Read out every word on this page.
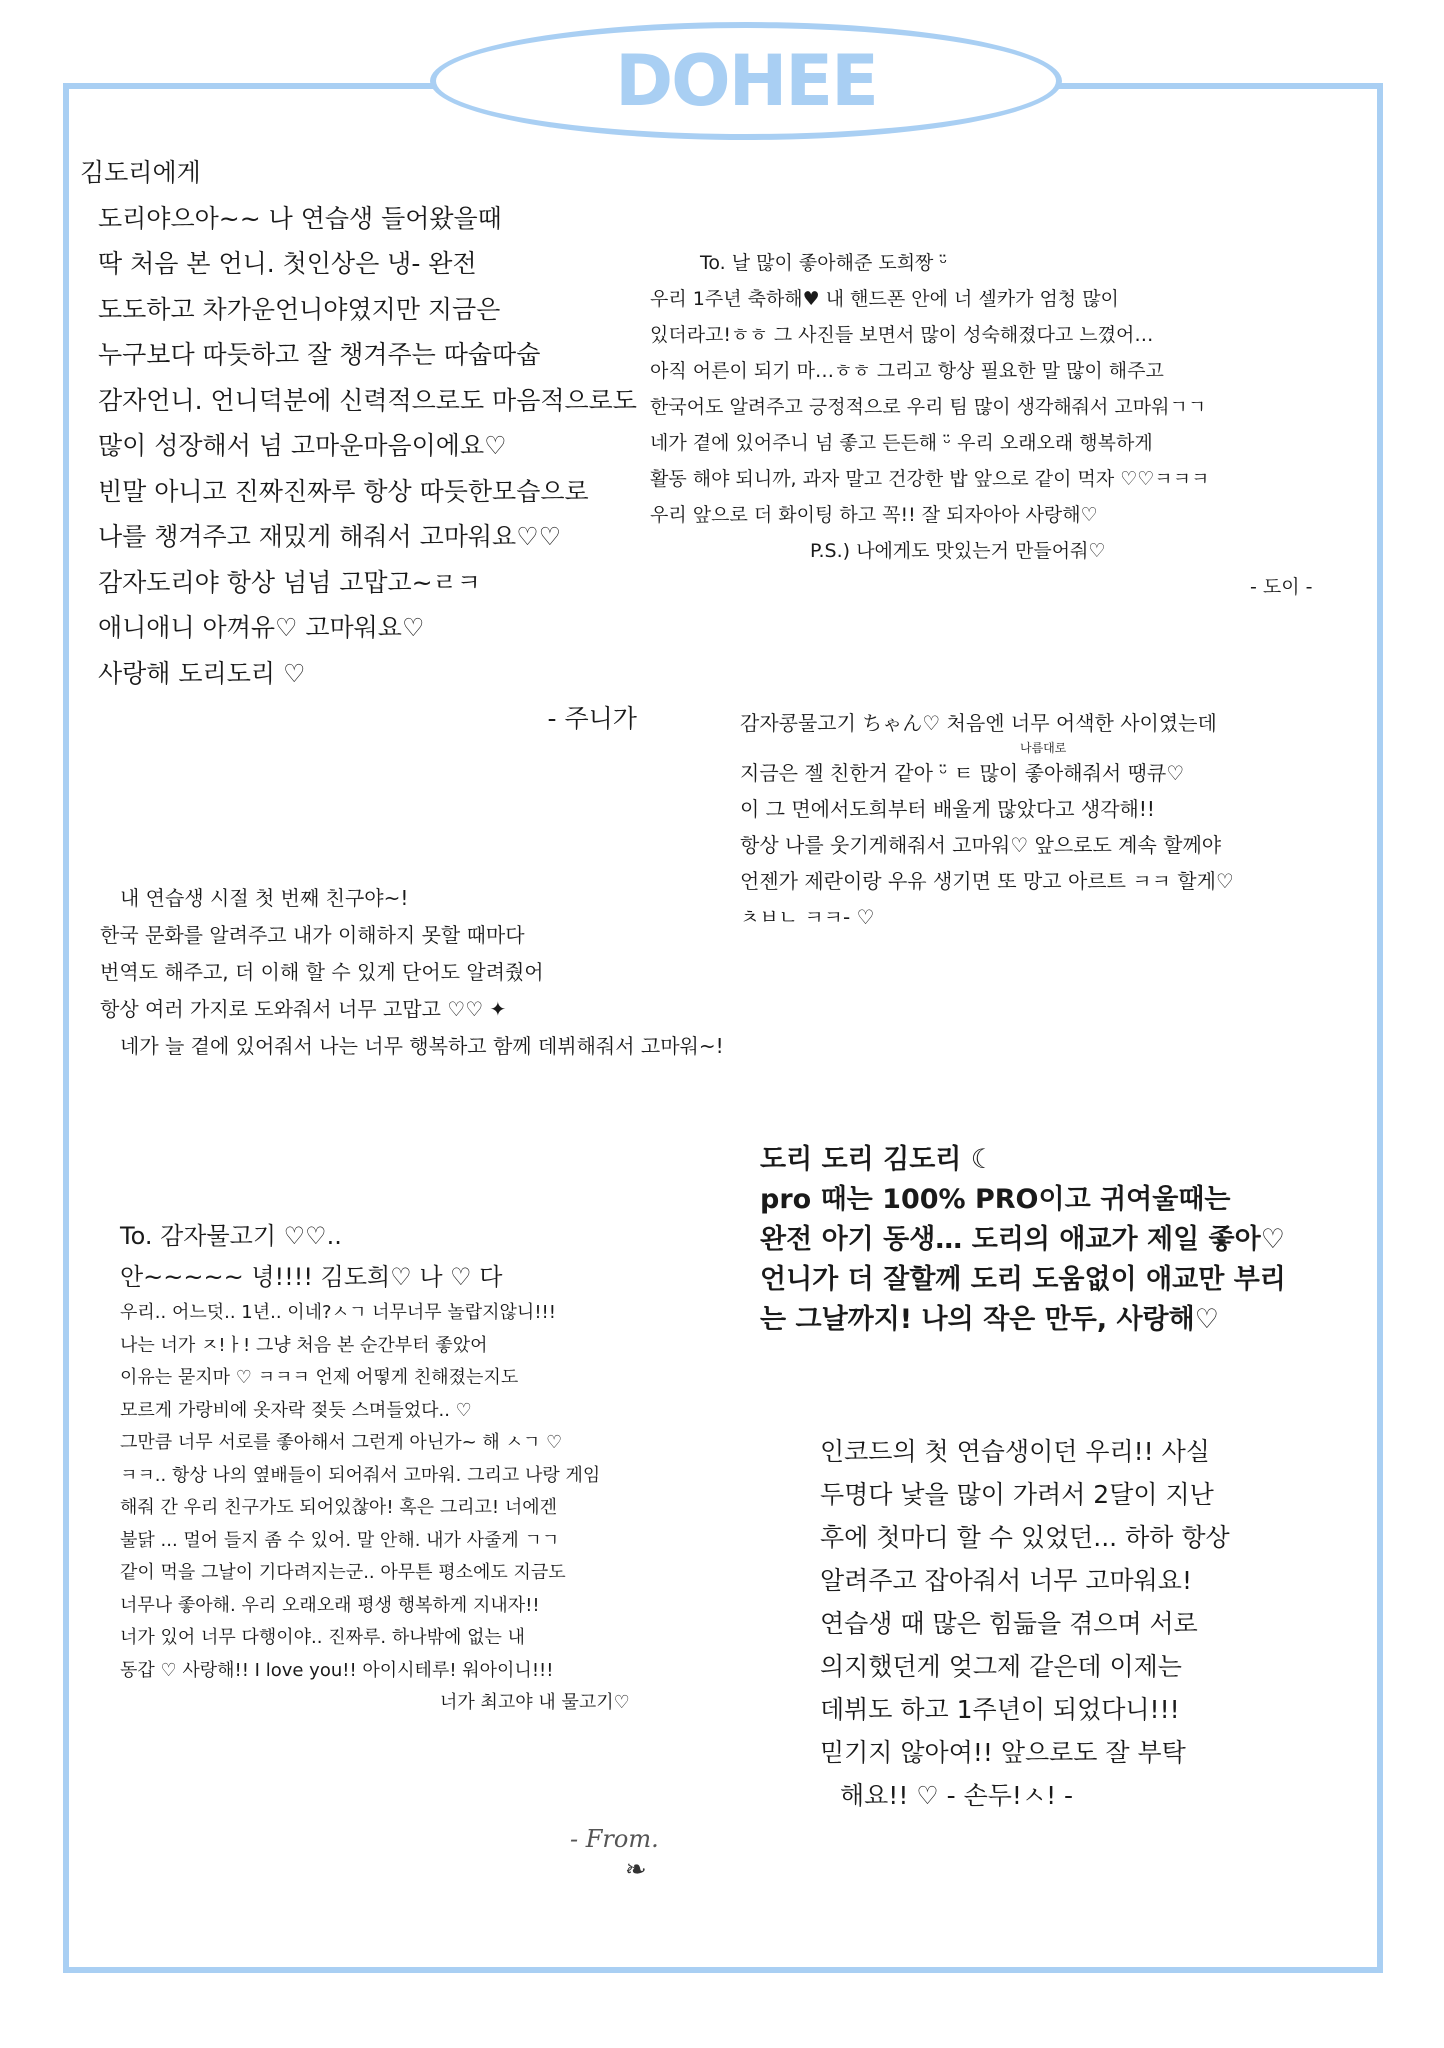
DOHEE
김도리에게
도리야으아~~ 나 연습생 들어왔을때
딱 처음 본 언니. 첫인상은 냉- 완전
도도하고 차가운언니야였지만 지금은
누구보다 따듯하고 잘 챙겨주는 따숩따숩
감자언니. 언니덕분에 신력적으로도 마음적으로도
많이 성장해서 넘 고마운마음이에요♡
빈말 아니고 진짜진짜루 항상 따듯한모습으로
나를 챙겨주고 재밌게 해줘서 고마워요♡♡
감자도리야 항상 넘넘 고맙고~ㄹㅋ
애니애니 아껴유♡ 고마워요♡
사랑해 도리도리 ♡
- 주니가
To. 날 많이 좋아해준 도희짱 ᵕ̈
우리 1주년 축하해♥ 내 핸드폰 안에 너 셀카가 엄청 많이
있더라고!ㅎㅎ 그 사진들 보면서 많이 성숙해졌다고 느꼈어…
아직 어른이 되기 마…ㅎㅎ 그리고 항상 필요한 말 많이 해주고
한국어도 알려주고 긍정적으로 우리 팀 많이 생각해줘서 고마워ㄱㄱ
네가 곁에 있어주니 넘 좋고 든든해 ᵕ̈ 우리 오래오래 행복하게
활동 해야 되니까, 과자 말고 건강한 밥 앞으로 같이 먹자 ♡♡ㅋㅋㅋ
우리 앞으로 더 화이팅 하고 꼭!! 잘 되자아아 사랑해♡
P.S.) 나에게도 맛있는거 만들어줘♡
- 도이 -
감자콩물고기 ちゃん♡ 처음엔 너무 어색한 사이였는데
나름대로
지금은 젤 친한거 같아 ᵕ̈ ㅌ 많이 좋아해줘서 땡큐♡
이 그 면에서도희부터 배울게 많았다고 생각해!!
항상 나를 웃기게해줘서 고마워♡ 앞으로도 계속 할께야
언젠가 제란이랑 우유 생기면 또 망고 아르트 ㅋㅋ 할게♡
ㅊㅂㄴ ㅋㅋ- ♡
내 연습생 시절 첫 번째 친구야~!
한국 문화를 알려주고 내가 이해하지 못할 때마다
번역도 해주고, 더 이해 할 수 있게 단어도 알려줬어
항상 여러 가지로 도와줘서 너무 고맙고 ♡♡ ✦
네가 늘 곁에 있어줘서 나는 너무 행복하고 함께 데뷔해줘서 고마워~!
도리 도리 김도리 ☾
pro 때는 100% PRO이고 귀여울때는
완전 아기 동생… 도리의 애교가 제일 좋아♡
언니가 더 잘할께 도리 도움없이 애교만 부리
는 그날까지! 나의 작은 만두, 사랑해♡
To. 감자물고기 ♡♡..
안~~~~~ 녕!!!! 김도희♡ 나 ♡ 다
우리.. 어느덧.. 1년.. 이네?ㅅㄱ 너무너무 놀랍지않니!!!
나는 너가 ㅈ!ㅏ! 그냥 처음 본 순간부터 좋았어
이유는 묻지마 ♡ ㅋㅋㅋ 언제 어떻게 친해졌는지도
모르게 가랑비에 옷자락 젖듯 스며들었다.. ♡
그만큼 너무 서로를 좋아해서 그런게 아닌가~ 해 ㅅㄱ ♡
ㅋㅋ.. 항상 나의 옆배들이 되어줘서 고마워. 그리고 나랑 게임
해줘 간 우리 친구가도 되어있찮아! 혹은 그리고! 너에겐
불닭 ... 멀어 들지 좀 수 있어. 말 안해. 내가 사줄게 ㄱㄱ
같이 먹을 그날이 기다려지는군.. 아무튼 평소에도 지금도
너무나 좋아해. 우리 오래오래 평생 행복하게 지내자!!
너가 있어 너무 다행이야.. 진짜루. 하나밖에 없는 내
동갑 ♡ 사랑해!! I love you!! 아이시테루! 워아이니!!!
너가 최고야 내 물고기♡
- From.
❧
인코드의 첫 연습생이던 우리!! 사실
두명다 낯을 많이 가려서 2달이 지난
후에 첫마디 할 수 있었던... 하하 항상
알려주고 잡아줘서 너무 고마워요!
연습생 때 많은 힘듦을 겪으며 서로
의지했던게 엊그제 같은데 이제는
데뷔도 하고 1주년이 되었다니!!!
믿기지 않아여!! 앞으로도 잘 부탁
해요!! ♡ - 손두!ㅅ! -
